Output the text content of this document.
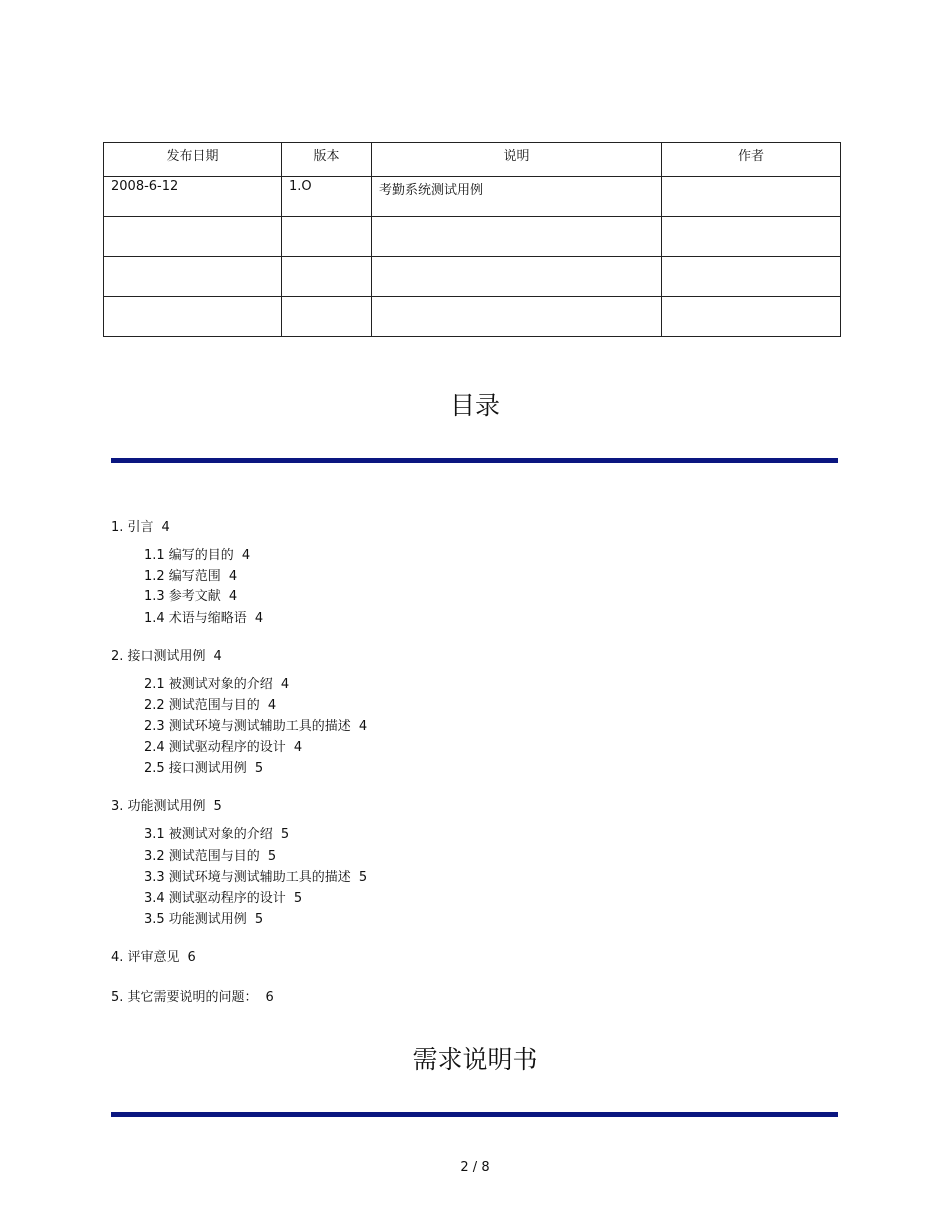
发布日期	版本	说明	作者
2008-6-12	1.O	考勤系统测试用例	

目录
1. 引言 4
1.1 编写的目的 4
1.2 编写范围 4
1.3 参考文献 4
1.4 术语与缩略语 4
2. 接口测试用例 4
2.1 被测试对象的介绍 4
2.2 测试范围与目的 4
2.3 测试环境与测试辅助工具的描述 4
2.4 测试驱动程序的设计 4
2.5 接口测试用例 5
3. 功能测试用例 5
3.1 被测试对象的介绍 5
3.2 测试范围与目的 5
3.3 测试环境与测试辅助工具的描述 5
3.4 测试驱动程序的设计 5
3.5 功能测试用例 5
4. 评审意见 6
5. 其它需要说明的问题： 6
需求说明书
2 / 8
